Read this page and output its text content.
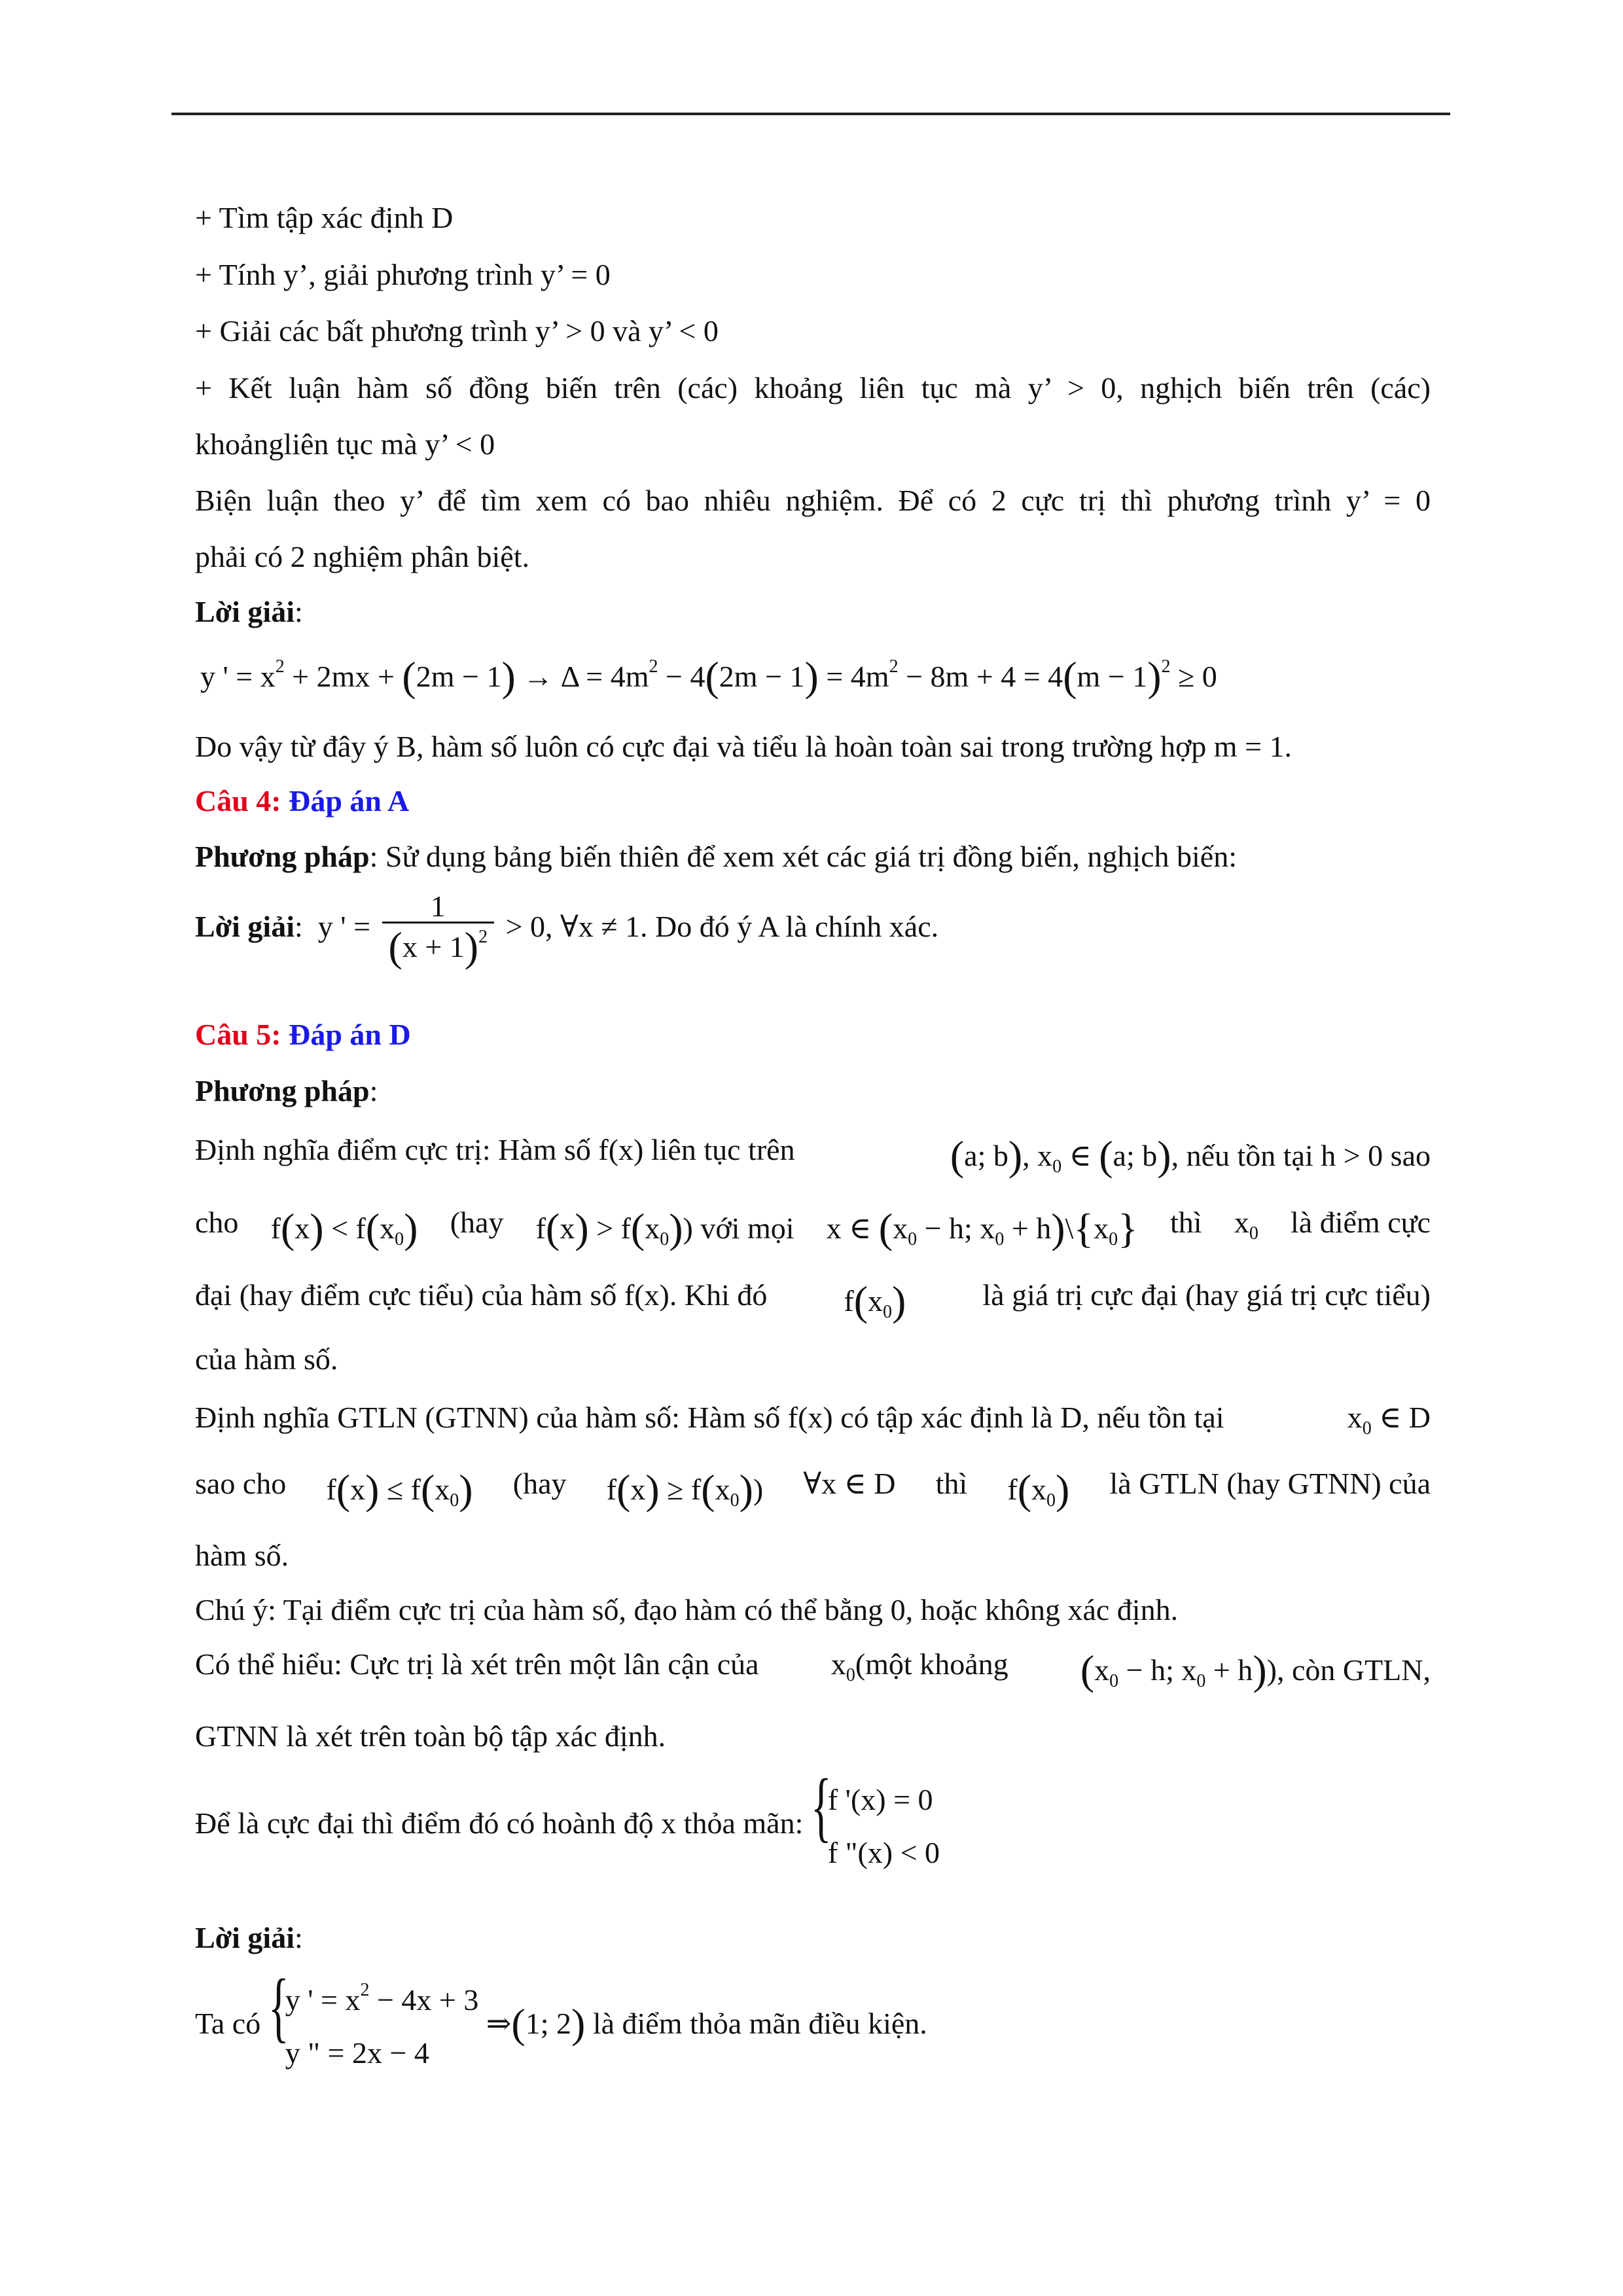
+ Tìm tập xác định D
+ Tính y’, giải phương trình y’ = 0
+ Giải các bất phương trình y’ > 0 và y’ < 0
+ Kết luận hàm số đồng biến trên (các) khoảng liên tục mà y’ > 0, nghịch biến trên (các)
khoảngliên tục mà y’ < 0
Biện luận theo y’ để tìm xem có bao nhiêu nghiệm. Để có 2 cực trị thì phương trình y’ = 0
phải có 2 nghiệm phân biệt.
Lời giải:
y ' = $x^2 + 2mx + (2m - 1) \to \Delta = 4m^2 - 4(2m - 1) = 4m^2 - 8m + 4 = 4(m - 1)^2 \ge 0$
Do vậy từ đây ý B, hàm số luôn có cực đại và tiểu là hoàn toàn sai trong trường hợp m = 1.
Câu 4: Đáp án A
Phương pháp: Sử dụng bảng biến thiên để xem xét các giá trị đồng biến, nghịch biến:
Lời giải:  y ' = $\frac{1}{(x + 1)^2} > 0$, ∀x ≠ 1. Do đó ý A là chính xác.
Câu 5: Đáp án D
Phương pháp:
Định nghĩa điểm cực trị: Hàm số f(x) liên tục trên	(a; b), $x_0$ ∈ (a; b), nếu tồn tại h > 0 sao
cho $f(x) < f(x_0)$ (hay $f(x) > f(x_0)$) với mọi x ∈ ($x_0 - h$; $x_0$ + $h)\backslash\{x_0\}$ thì $x_0$ là điểm cực
đại (hay điểm cực tiểu) của hàm số f(x). Khi đó	$f(x_0)$	là giá trị cực đại (hay giá trị cực tiểu)
của hàm số.
Định nghĩa GTLN (GTNN) của hàm số: Hàm số f(x) có tập xác định là D, nếu tồn tại	$x_0$ ∈ D
sao cho $f(x) \le f(x_0)$ (hay $f(x) \ge f(x_0)$) ∀x ∈ D thì $f(x_0)$ là GTLN (hay GTNN) của
hàm số.
Chú ý: Tại điểm cực trị của hàm số, đạo hàm có thể bằng 0, hoặc không xác định.
Có thể hiểu: Cực trị là xét trên một lân cận của $x_0(một$ khoảng ($x_0 - h$; $x_0 + h$)), còn GTLN,
GTNN là xét trên toàn bộ tập xác định.
Để là cực đại thì điểm đó có hoành độ x thỏa mãn: {
f '(x) = 0
f "(x) < 0
Lời giải:
Ta có {
y ' = $x^2 - 4x + 3$
y " = 2x − 4
⇒(1; 2) là điểm thỏa mãn điều kiện.
